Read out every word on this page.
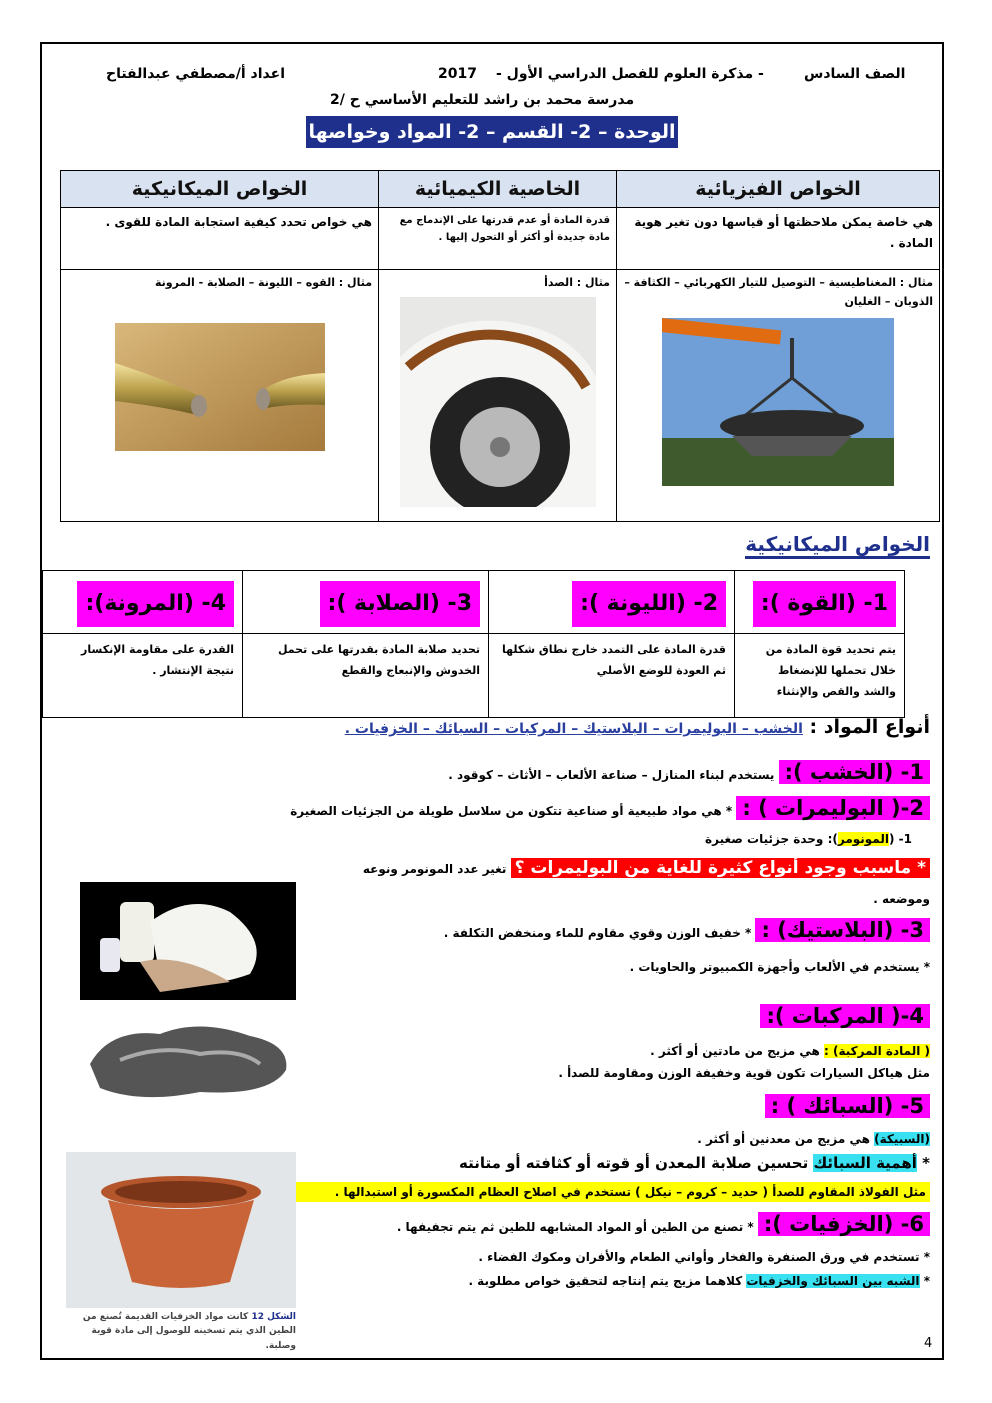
الصف السادس
- مذكرة العلوم للفصل الدراسي الأول -
2017
اعداد أ/مصطفي عبدالفتاح
مدرسة محمد بن راشد للتعليم الأساسي ح /2
الوحدة – 2- القسم – 2- المواد وخواصها
الخواص الميكانيكية	الخاصية الكيميائية	الخواص الفيزيائية
هي خواص تحدد كيفية استجابة المادة للقوى .	قدرة المادة أو عدم قدرتها على الإندماج مع مادة جديدة أو أكثر أو التحول إليها .	هي خاصة يمكن ملاحظتها أو قياسها دون تغير هوية المادة .

مثال : القوه – الليونة – الصلابة - المرونة	مثال : الصدأ	مثال : المغناطيسية – التوصيل للتيار الكهربائي – الكثافة – الذوبان – الغليان
الخواص الميكانيكية
1- (القوة ):	2- (الليونة ):	3- (الصلابة ):	4- (المرونة):
يتم تحديد قوة المادة من خلال تحملها للإنضغاط والشد والقص والإنثناء	قدرة المادة على التمدد خارج نطاق شكلها ثم العودة للوضع الأصلي	تحديد صلابة المادة بقدرتها على تحمل الخدوش والإنبعاج والقطع	القدرة على مقاومة الإنكسار نتيجة الإنتشار .
أنواع المواد : الخشب – البوليمرات – البلاستيك – المركبات – السبائك – الخزفيات .
1- (الخشب ): يستخدم لبناء المنازل – صناعة الألعاب – الأثاث – كوقود .
2-( البوليمرات ) : * هي مواد طبيعية أو صناعية تتكون من سلاسل طويلة من الجزئيات الصغيرة
1- (المونومر): وحدة جزئيات صغيرة
* ماسبب وجود أنواع كثيرة للغاية من البوليمرات ؟ تغير عدد المونومر ونوعه
وموضعه .
3- (البلاستيك) : * خفيف الوزن وقوي مقاوم للماء ومنخفض التكلفة .
* يستخدم في الألعاب وأجهزة الكمبيوتر والحاويات .
4-( المركبات ):
( المادة المركبة) : هي مزيج من مادتين أو أكثر .
مثل هياكل السيارات تكون قوية وخفيفة الوزن ومقاومة للصدأ .
5- (السبائك ) :
(السبيكة) هي مزيج من معدنين أو أكثر .
* أهمية السبائك تحسين صلابة المعدن أو قوته أو كثافته أو متانته
مثل الفولاذ المقاوم للصدأ ( حديد – كروم – نيكل ) تستخدم في اصلاح العظام المكسورة أو استبدالها .
6- (الخزفيات ): * تصنع من الطين أو المواد المشابهه للطين ثم يتم تجفيفها .
* تستخدم في ورق الصنفرة والفخار وأواني الطعام والأفران ومكوك الفضاء .
* الشبه بين السبائك والخزفيات كلاهما مزيج يتم إنتاجه لتحقيق خواص مطلوبة .
الشكل 12 كانت مواد الخزفيات القديمة تُصنع من الطين الذي يتم تسخينه للوصول إلى مادة قوية وصلبة.	4
